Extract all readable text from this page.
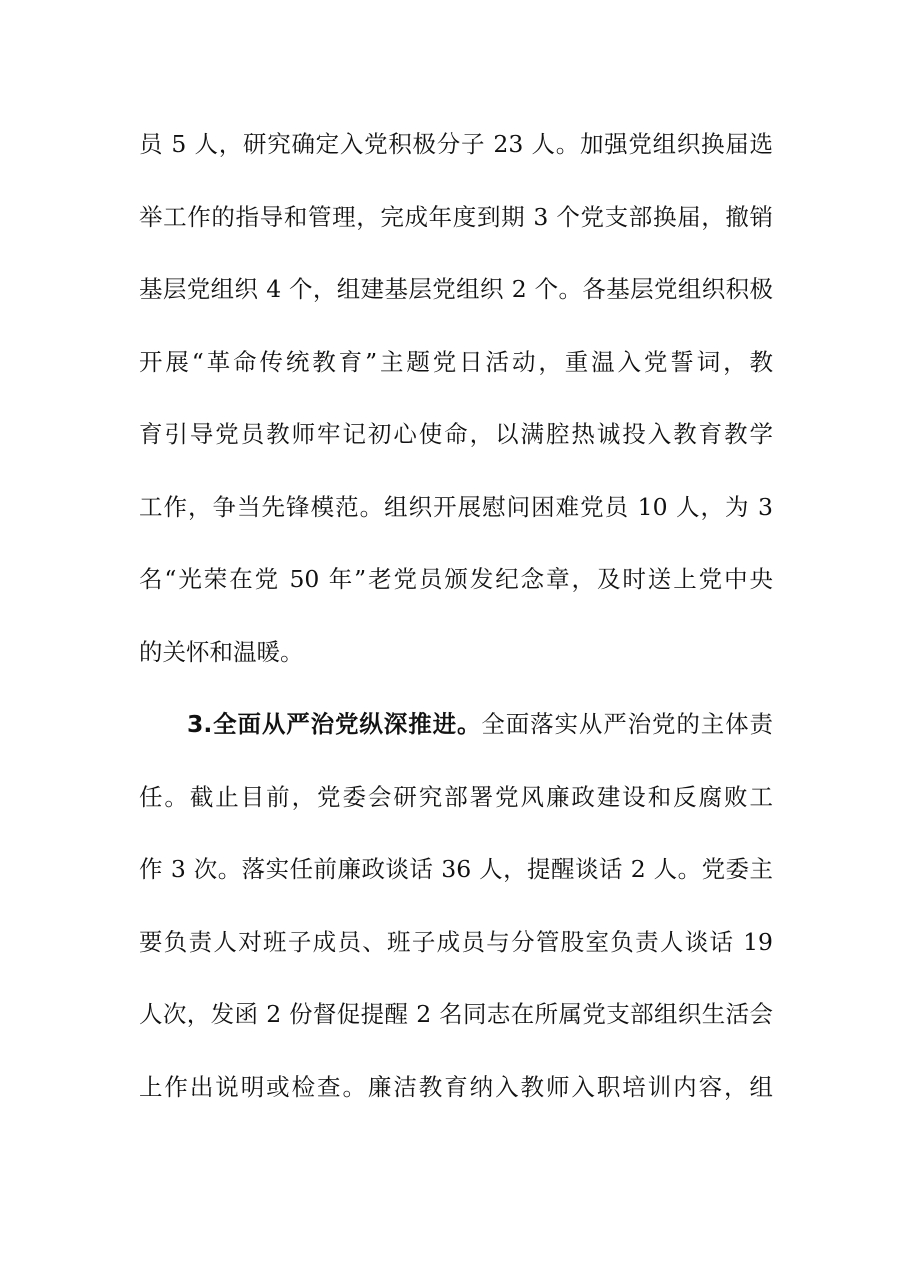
员 5 人，研究确定入党积极分子 23 人。加强党组织换届选
举工作的指导和管理，完成年度到期 3 个党支部换届，撤销
基层党组织 4 个，组建基层党组织 2 个。各基层党组织积极
开展“革命传统教育”主题党日活动，重温入党誓词，教
育引导党员教师牢记初心使命，以满腔热诚投入教育教学
工作，争当先锋模范。组织开展慰问困难党员 10 人，为 3
名“光荣在党 50 年”老党员颁发纪念章，及时送上党中央
的关怀和温暖。
3.全面从严治党纵深推进。全面落实从严治党的主体责
任。截止目前，党委会研究部署党风廉政建设和反腐败工
作 3 次。落实任前廉政谈话 36 人，提醒谈话 2 人。党委主
要负责人对班子成员、班子成员与分管股室负责人谈话 19
人次，发函 2 份督促提醒 2 名同志在所属党支部组织生活会
上作出说明或检查。廉洁教育纳入教师入职培训内容，组
